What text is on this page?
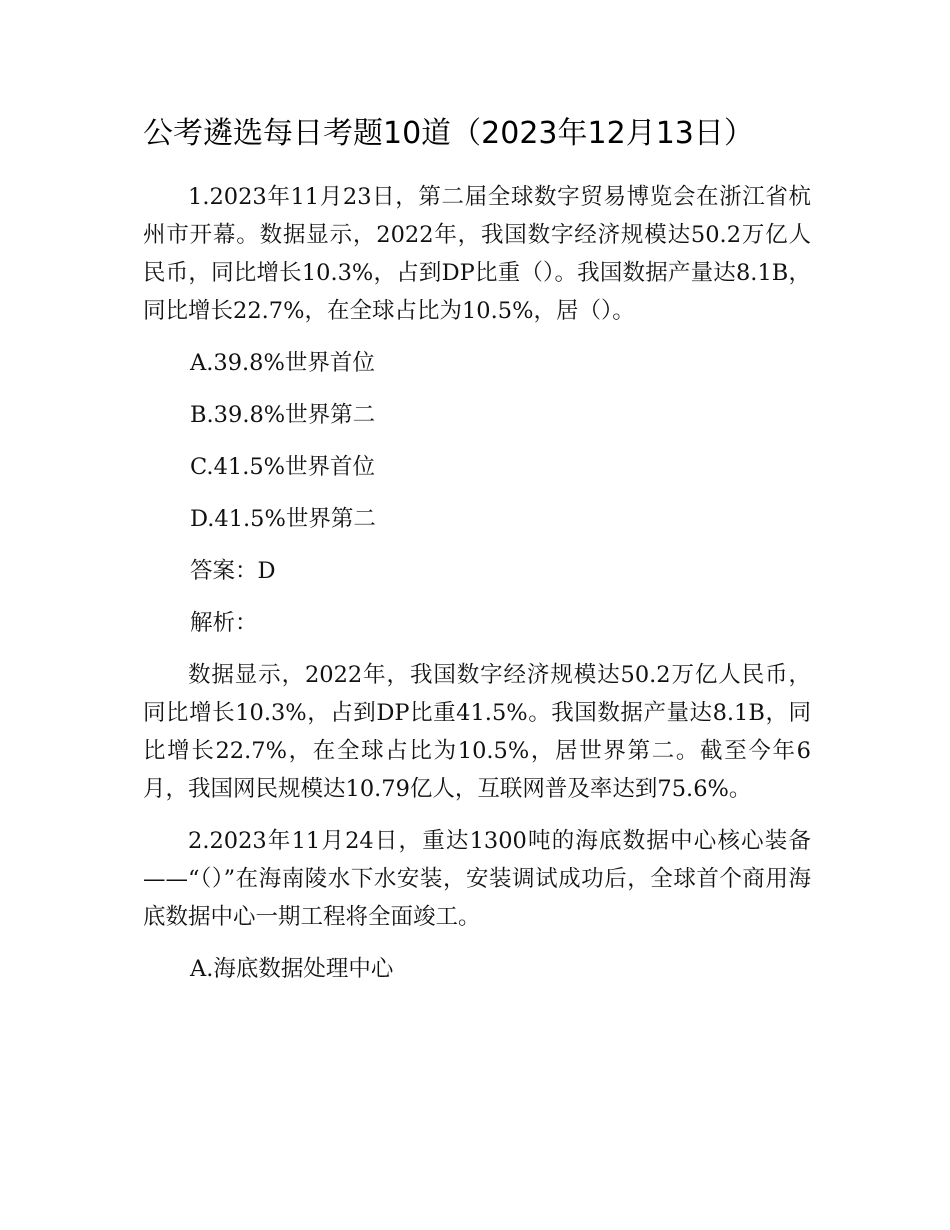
公考遴选每日考题10道（2023年12月13日）

1.2023年11月23日，第二届全球数字贸易博览会在浙江省杭州市开幕。数据显示，2022年，我国数字经济规模达50.2万亿人民币，同比增长10.3%，占到DP比重（）。我国数据产量达8.1B，同比增长22.7%，在全球占比为10.5%，居（）。

A.39.8%世界首位

B.39.8%世界第二

C.41.5%世界首位

D.41.5%世界第二

答案：D

解析：

数据显示，2022年，我国数字经济规模达50.2万亿人民币，同比增长10.3%，占到DP比重41.5%。我国数据产量达8.1B，同比增长22.7%，在全球占比为10.5%，居世界第二。截至今年6月，我国网民规模达10.79亿人，互联网普及率达到75.6%。

2.2023年11月24日，重达1300吨的海底数据中心核心装备——“（）”在海南陵水下水安装，安装调试成功后，全球首个商用海底数据中心一期工程将全面竣工。

A.海底数据处理中心
